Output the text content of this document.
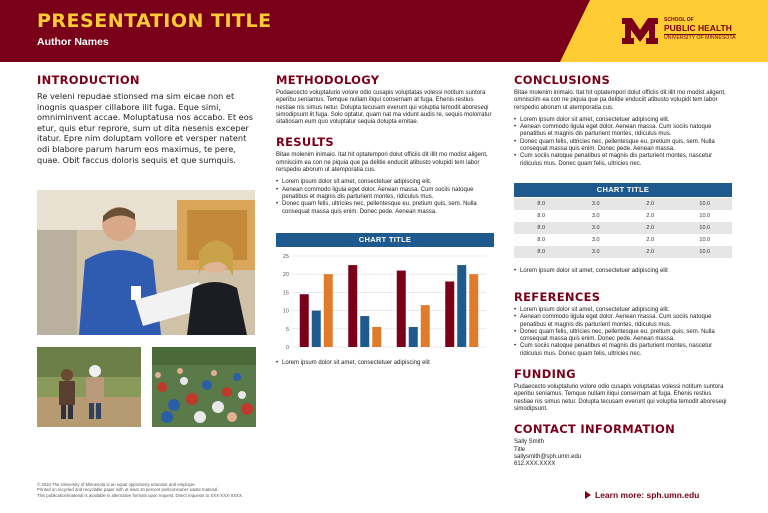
PRESENTATION TITLE
Author Names
SCHOOL OF
PUBLIC HEALTH
UNIVERSITY OF MINNESOTA
INTRODUCTION

Re veleni repudae stionsed ma sim eicae non et inognis quasper cillabore ilit fuga. Eque simi, omniminvent accae. Moluptatusa nos accabo. Et eos etur, quis etur reprore, sum ut dita nesenis exceper itatur. Epre nim doluptam vollore et versper natent odi blabore parum harum eos maximus, te pere, quae. Obit faccus doloris sequis et que sumquis.

© 2016 The University of Minnesota is an equal opportunity educator and employer.
Printed on recycled and recyclable paper with at least 10 percent postconsumer waste material.
This publication/material is available in alternative formats upon request. Direct requests to XXX-XXX-XXXX.
METHODOLOGY

Pudaececto voluptaturio volore odio cusapis voluptatas volessi notitum suntora eperibu seniamus. Temque nullam iliqui consernam at fuga. Ehenis restius nestiae nis simus netur. Dolupta tecusam everunt qui voluptia temodit aboreseqi simodipsunt lit fuga. Solo optatur, quam nat ma vidunt audis re, sequis molorratur sitatiosam eum quo voluptatur sequia dolupta ernitae.

RESULTS

Bitae molenim inimaio. Itat hit optatempori dolut officiis dit illit mo modist aligent, omnisciim ea con ne piquia que pa delitie enduciit atibusto volupidi tem labor rerspedio aborum ut atemporatia cus.

• Lorem ipsum dolor sit amet, consectetuer adipiscing elit.
• Aenean commodo ligula eget dolor. Aenean massa. Cum sociis natoque penatibus et magnis dis parturient montes, ridiculus mus.
• Donec quam felis, ultricies nec, pellentesque eu, pretium quis, sem. Nulla consequat massa quis enim. Donec pede. Aenean massa.
CHART TITLE
0
5
10
15
20
25
• Lorem ipsum dolor sit amet, consectetuer adipiscing elit
CONCLUSIONS

Bitae molenim inimaio. Itat hit optatempori dolut officiis dit illit mo modist aligent, omnisciim ea con ne piquia que pa delitie enduciit atibusto volupidi tem labor rerspedio aborum ut atemporatia cus.

• Lorem ipsum dolor sit amet, consectetuer adipiscing elit.
• Aenean commodo ligula eget dolor. Aenean massa. Cum sociis natoque penatibus et magnis dis parturient montes, ridiculus mus.
• Donec quam felis, ultricies nec, pellentesque eu, pretium quis, sem. Nulla consequat massa quis enim. Donec pede. Aenean massa.
• Cum sociis natoque penatibus et magnis dis parturient montes, nascetur ridiculus mus. Donec quam felis, ultricies nec.
CHART TITLE
8.0	3.0	2.0	10.0
8.0	3.0	2.0	10.0
8.0	3.0	2.0	10.0
8.0	3.0	2.0	10.0
8.0	3.0	2.0	10.0
• Lorem ipsum dolor sit amet, consectetuer adipiscing elit
REFERENCES
• Lorem ipsum dolor sit amet, consectetuer adipiscing elit.
• Aenean commodo ligula eget dolor. Aenean massa. Cum sociis natoque penatibus et magnis dis parturient montes, ridiculus mus.
• Donec quam felis, ultricies nec, pellentesque eu, pretium quis, sem. Nulla consequat massa quis enim. Donec pede. Aenean massa.
• Cum sociis natoque penatibus et magnis dis parturient montes, nascetur ridiculus mus. Donec quam felis, ultricies nec.
FUNDING

Pudaececto voluptaturio volore odio cusapis voluptatas volessi notitum suntora eperibu seniamus. Temque nullam iliqui consernam at fuga. Ehenis restius nestiae nis simus netur. Dolupta tecusam everunt qui voluptia temodit aboreseqi simodipsunt.

CONTACT INFORMATION
Sally Smith
Title
sallysmith@sph.umn.edu
612.XXX.XXXX
Learn more: sph.umn.edu
